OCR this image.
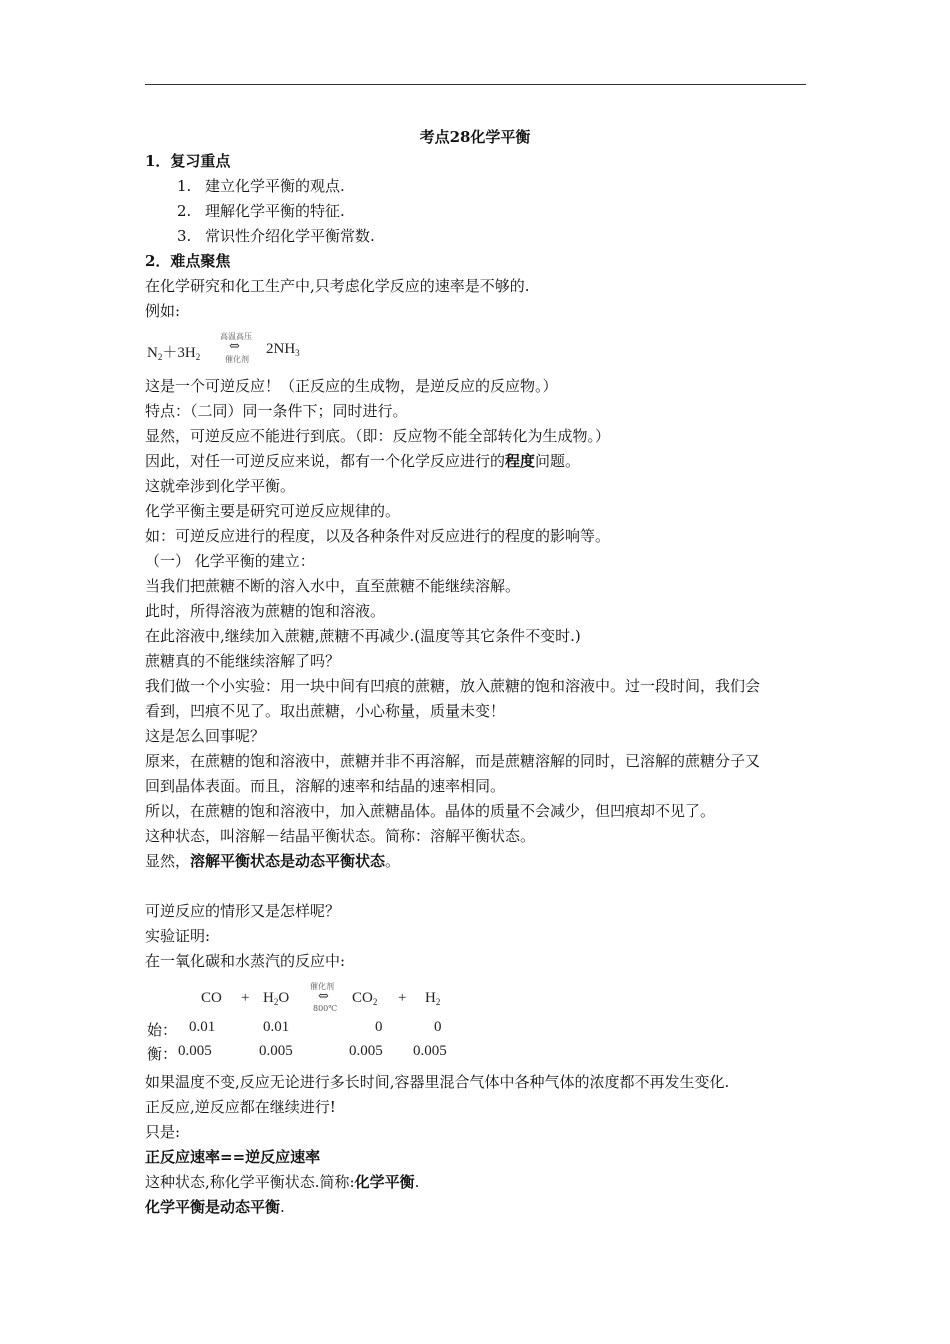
考点28化学平衡
1．复习重点
1. 建立化学平衡的观点.
2. 理解化学平衡的特征.
3. 常识性介绍化学平衡常数.
2．难点聚焦
在化学研究和化工生产中,只考虑化学反应的速率是不够的.
例如:
$N_2+3H_2$
高温高压
⇔
催化剂
$2NH_3$
这是一个可逆反应！（正反应的生成物，是逆反应的反应物。）
特点：（二同）同一条件下；同时进行。
显然，可逆反应不能进行到底。（即：反应物不能全部转化为生成物。）
因此，对任一可逆反应来说，都有一个化学反应进行的程度问题。
这就牵涉到化学平衡。
化学平衡主要是研究可逆反应规律的。
如：可逆反应进行的程度，以及各种条件对反应进行的程度的影响等。
（一） 化学平衡的建立：
当我们把蔗糖不断的溶入水中，直至蔗糖不能继续溶解。
此时，所得溶液为蔗糖的饱和溶液。
在此溶液中,继续加入蔗糖,蔗糖不再减少.(温度等其它条件不变时.)
蔗糖真的不能继续溶解了吗？
我们做一个小实验：用一块中间有凹痕的蔗糖，放入蔗糖的饱和溶液中。过一段时间，我们会
看到，凹痕不见了。取出蔗糖，小心称量，质量未变！
这是怎么回事呢？
原来，在蔗糖的饱和溶液中，蔗糖并非不再溶解，而是蔗糖溶解的同时，已溶解的蔗糖分子又
回到晶体表面。而且，溶解的速率和结晶的速率相同。
所以，在蔗糖的饱和溶液中，加入蔗糖晶体。晶体的质量不会减少，但凹痕却不见了。
这种状态，叫溶解－结晶平衡状态。简称：溶解平衡状态。
显然，溶解平衡状态是动态平衡状态。
可逆反应的情形又是怎样呢？
实验证明:
在一氧化碳和水蒸汽的反应中:
CO + $H_2O$
催化剂
⇔
800℃
$CO_2 + H_2$
始： 0.01	0.01	0	0
衡： 0.005	0.005	0.005 0.005
如果温度不变,反应无论进行多长时间,容器里混合气体中各种气体的浓度都不再发生变化.
正反应,逆反应都在继续进行!
只是:
正反应速率==逆反应速率
这种状态,称化学平衡状态.简称:化学平衡.
化学平衡是动态平衡.
